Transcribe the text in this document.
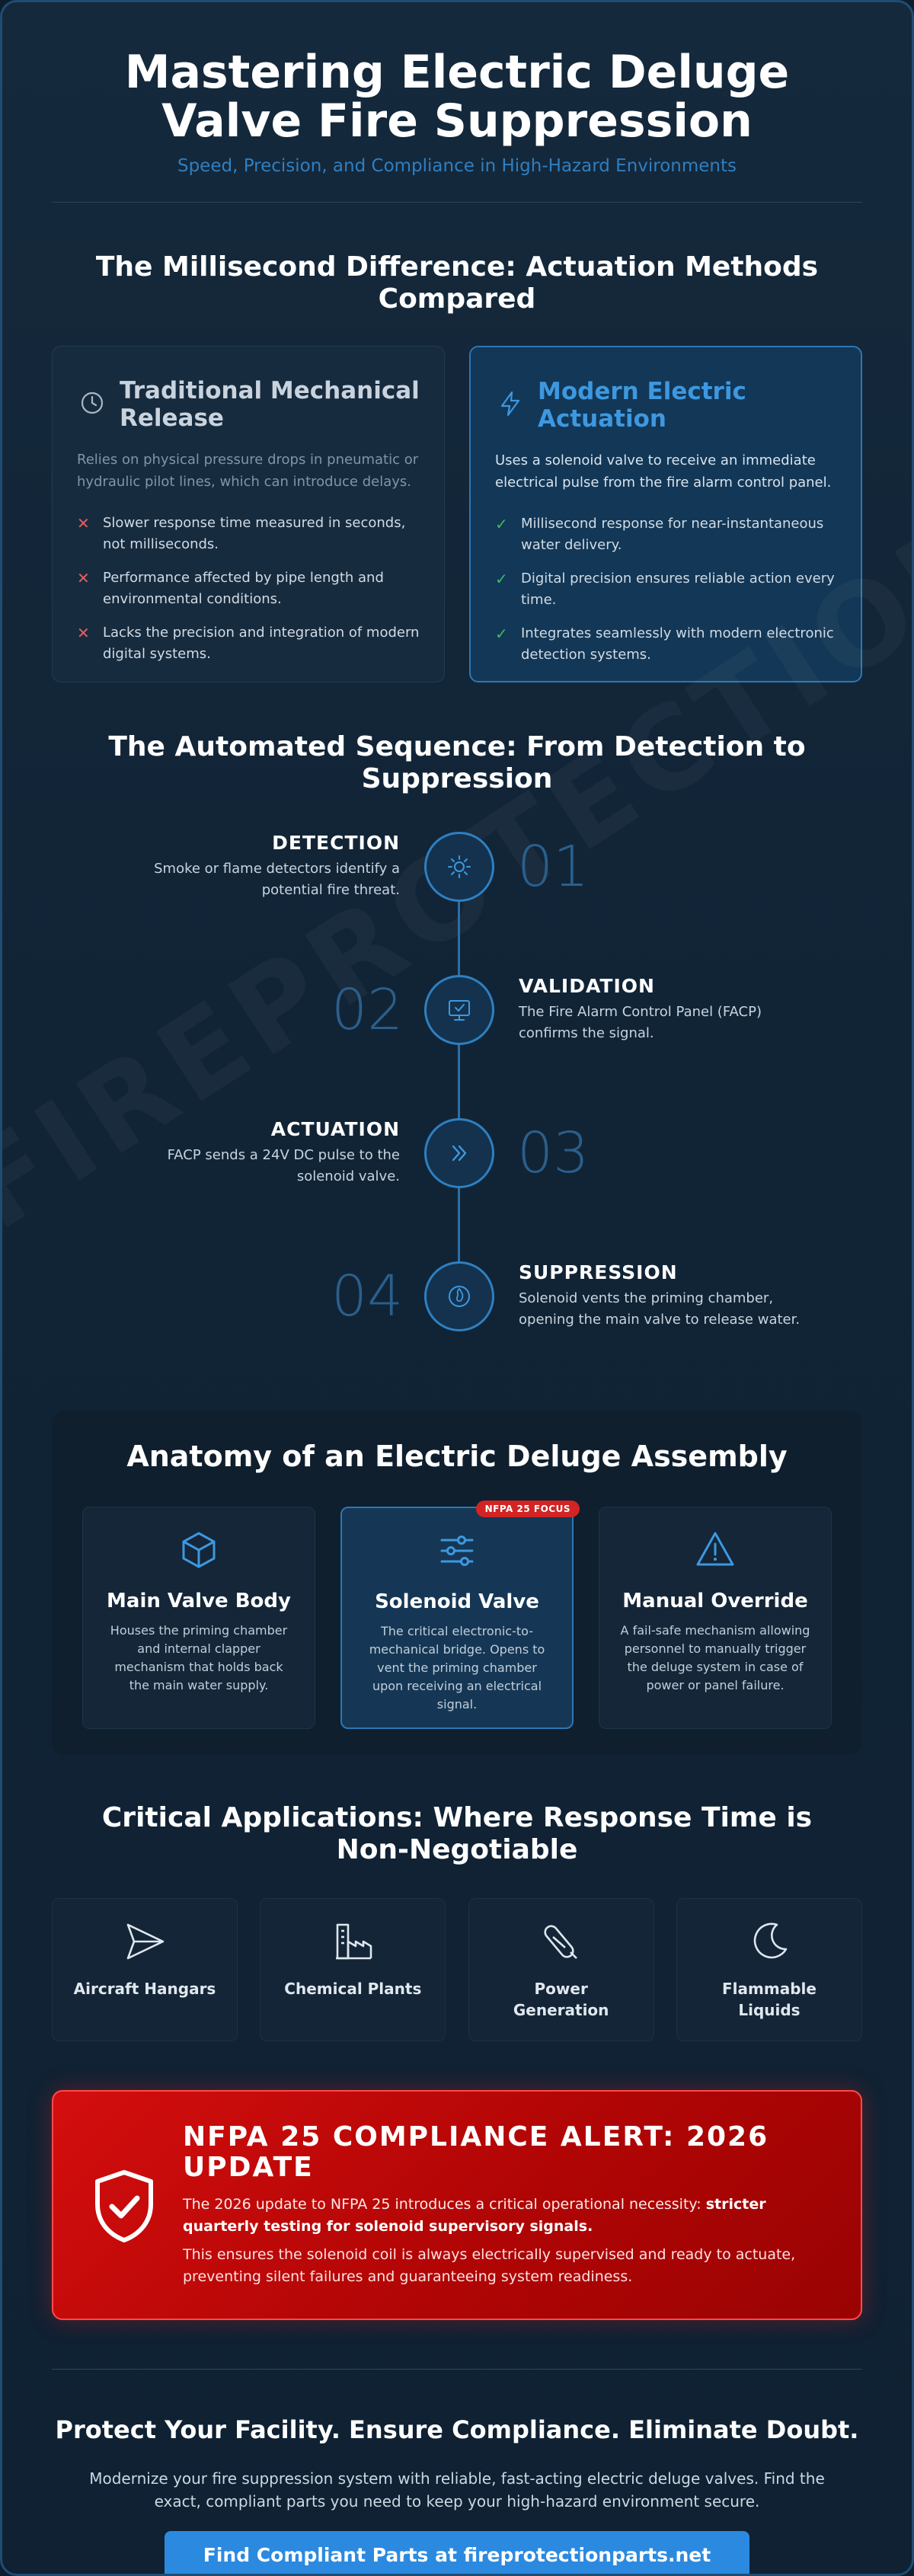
Mastering Electric Deluge Valve Fire Suppression
Speed, Precision, and Compliance in High-Hazard Environments
The Millisecond Difference: Actuation Methods Compared
Traditional Mechanical Release
Relies on physical pressure drops in pneumatic or hydraulic pilot lines, which can introduce delays.
✕ Slower response time measured in seconds, not milliseconds.
✕ Performance affected by pipe length and environmental conditions.
✕ Lacks the precision and integration of modern digital systems.
Modern Electric Actuation
Uses a solenoid valve to receive an immediate electrical pulse from the fire alarm control panel.
✓ Millisecond response for near-instantaneous water delivery.
✓ Digital precision ensures reliable action every time.
✓ Integrates seamlessly with modern electronic detection systems.
The Automated Sequence: From Detection to Suppression
DETECTION
Smoke or flame detectors identify a potential fire threat. 01
02	VALIDATION
The Fire Alarm Control Panel (FACP) confirms the signal.
ACTUATION
FACP sends a 24V DC pulse to the solenoid valve. 03
04	SUPPRESSION
Solenoid vents the priming chamber, opening the main valve to release water.
Anatomy of an Electric Deluge Assembly
Main Valve Body
Houses the priming chamber and internal clapper mechanism that holds back the main water supply.
NFPA 25 FOCUS
Solenoid Valve
The critical electronic-to-mechanical bridge. Opens to vent the priming chamber upon receiving an electrical signal.
Manual Override
A fail-safe mechanism allowing personnel to manually trigger the deluge system in case of power or panel failure.
Critical Applications: Where Response Time is Non-Negotiable
Aircraft Hangars	Chemical Plants	Power Generation
Flammable Liquids
NFPA 25 COMPLIANCE ALERT: 2026 UPDATE
The 2026 update to NFPA 25 introduces a critical operational necessity: stricter quarterly testing for solenoid supervisory signals.
This ensures the solenoid coil is always electrically supervised and ready to actuate, preventing silent failures and guaranteeing system readiness.
Protect Your Facility. Ensure Compliance. Eliminate Doubt.
Modernize your fire suppression system with reliable, fast-acting electric deluge valves. Find the exact, compliant parts you need to keep your high-hazard environment secure.
Find Compliant Parts at fireprotectionparts.net
